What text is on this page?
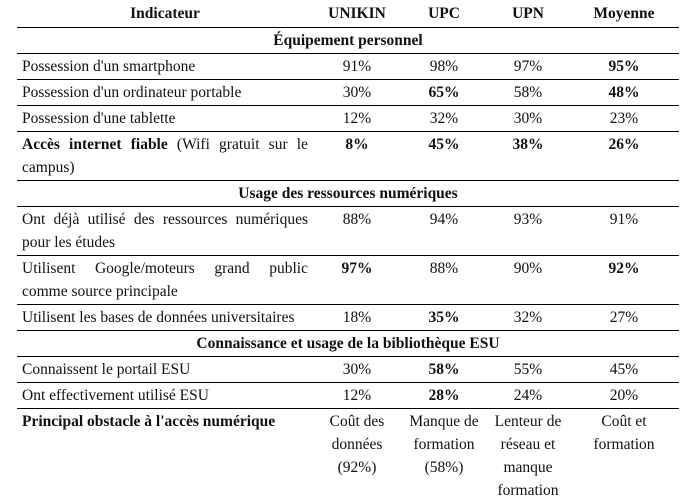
Indicateur	UNIKIN	UPC	UPN	Moyenne
Équipement personnel				
Possession d'un smartphone	91%	98%	97%	95%
Possession d'un ordinateur portable	30%	65%	58%	48%
Possession d'une tablette	12%	32%	30%	23%
Accès internet fiable (Wifi gratuit sur le campus)	8%	45%	38%	26%
Usage des ressources numériques				
Ont déjà utilisé des ressources numériques pour les études	88%	94%	93%	91%
Utilisent Google/moteurs grand public comme source principale	97%	88%	90%	92%
Utilisent les bases de données universitaires	18%	35%	32%	27%
Connaissance et usage de la bibliothèque ESU				
Connaissent le portail ESU	30%	58%	55%	45%
Ont effectivement utilisé ESU	12%	28%	24%	20%
Principal obstacle à l'accès numérique	Coût des données (92%)	Manque de formation (58%)	Lenteur de réseau et manque formation	Coût et formation
